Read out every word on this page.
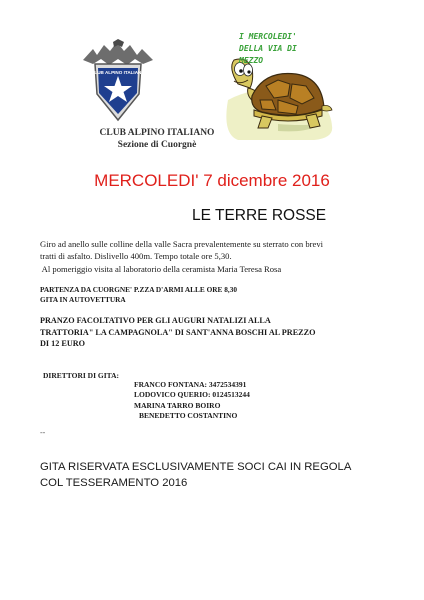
CLUB ALPINO ITALIANO
CLUB ALPINO ITALIANO
Sezione di Cuorgnè
I MERCOLEDI'
DELLA VIA DI
MEZZO
MERCOLEDI' 7 dicembre 2016
LE TERRE ROSSE
Giro ad anello sulle colline della valle Sacra prevalentemente su sterrato con brevi
tratti di asfalto. Dislivello 400m. Tempo totale ore 5,30.
Al pomeriggio visita al laboratorio della ceramista Maria Teresa Rosa
PARTENZA DA CUORGNE' P.ZZA D'ARMI ALLE ORE 8,30
GITA IN AUTOVETTURA
PRANZO FACOLTATIVO PER GLI AUGURI NATALIZI ALLA
TRATTORIA" LA CAMPAGNOLA" DI SANT'ANNA BOSCHI AL PREZZO
DI 12 EURO
DIRETTORI DI GITA:
FRANCO FONTANA: 3472534391
LODOVICO QUERIO: 0124513244
MARINA TARRO BOIRO
BENEDETTO COSTANTINO
--
GITA RISERVATA ESCLUSIVAMENTE SOCI CAI IN REGOLA
COL TESSERAMENTO 2016
